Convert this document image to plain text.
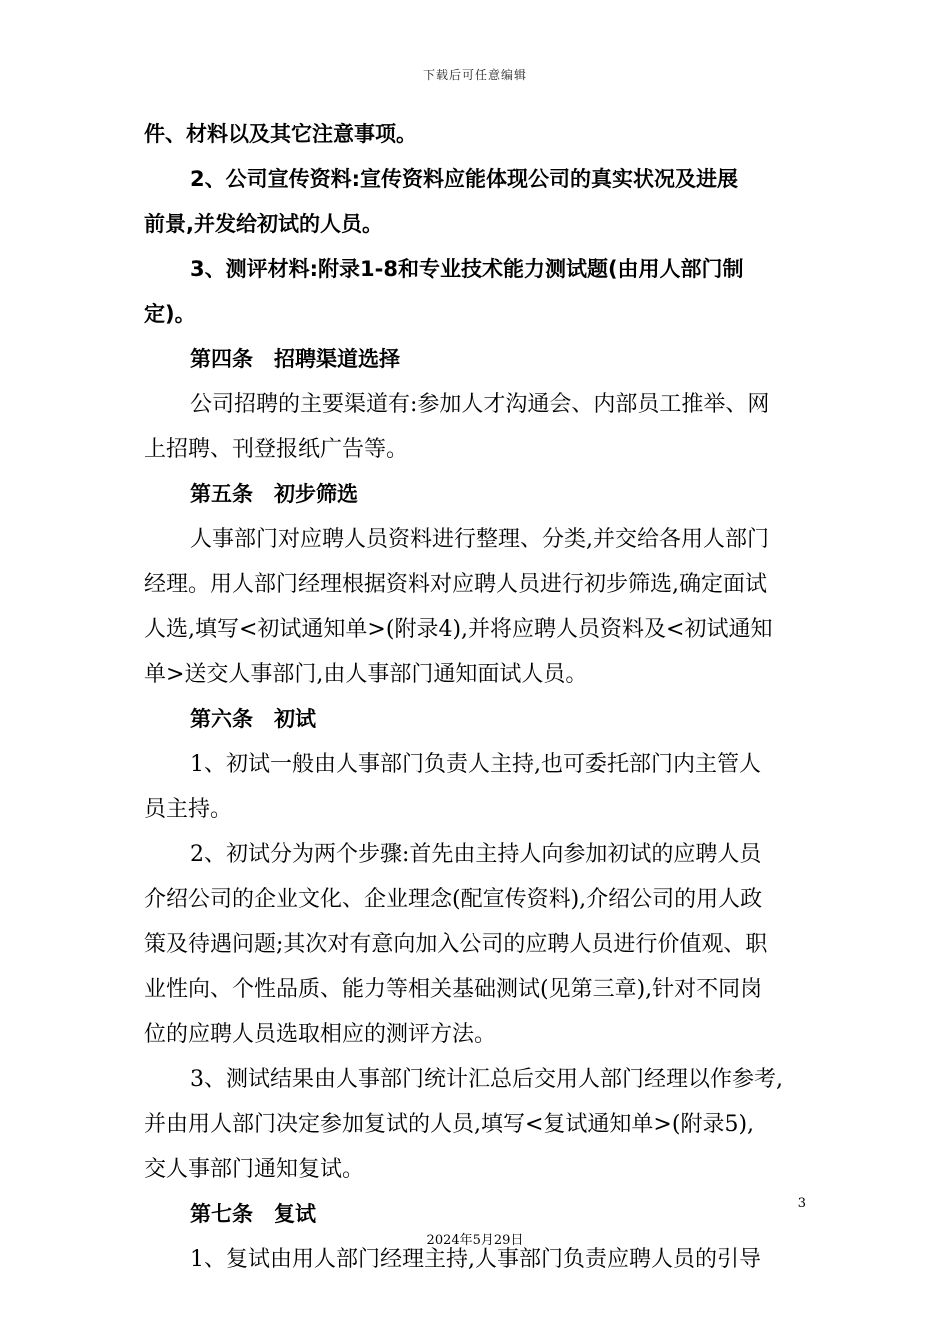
下载后可任意编辑
件、材料以及其它注意事项。
2、公司宣传资料:宣传资料应能体现公司的真实状况及进展
前景,并发给初试的人员。
3、测评材料:附录1-8和专业技术能力测试题(由用人部门制
定)。
第四条　招聘渠道选择
公司招聘的主要渠道有:参加人才沟通会、内部员工推举、网
上招聘、刊登报纸广告等。
第五条　初步筛选
人事部门对应聘人员资料进行整理、分类,并交给各用人部门
经理。用人部门经理根据资料对应聘人员进行初步筛选,确定面试
人选,填写<初试通知单>(附录4),并将应聘人员资料及<初试通知
单>送交人事部门,由人事部门通知面试人员。
第六条　初试
1、初试一般由人事部门负责人主持,也可委托部门内主管人
员主持。
2、初试分为两个步骤:首先由主持人向参加初试的应聘人员
介绍公司的企业文化、企业理念(配宣传资料),介绍公司的用人政
策及待遇问题;其次对有意向加入公司的应聘人员进行价值观、职
业性向、个性品质、能力等相关基础测试(见第三章),针对不同岗
位的应聘人员选取相应的测评方法。
3、测试结果由人事部门统计汇总后交用人部门经理以作参考,
并由用人部门决定参加复试的人员,填写<复试通知单>(附录5),
交人事部门通知复试。
第七条　复试
1、复试由用人部门经理主持,人事部门负责应聘人员的引导
3
2024年5月29日
